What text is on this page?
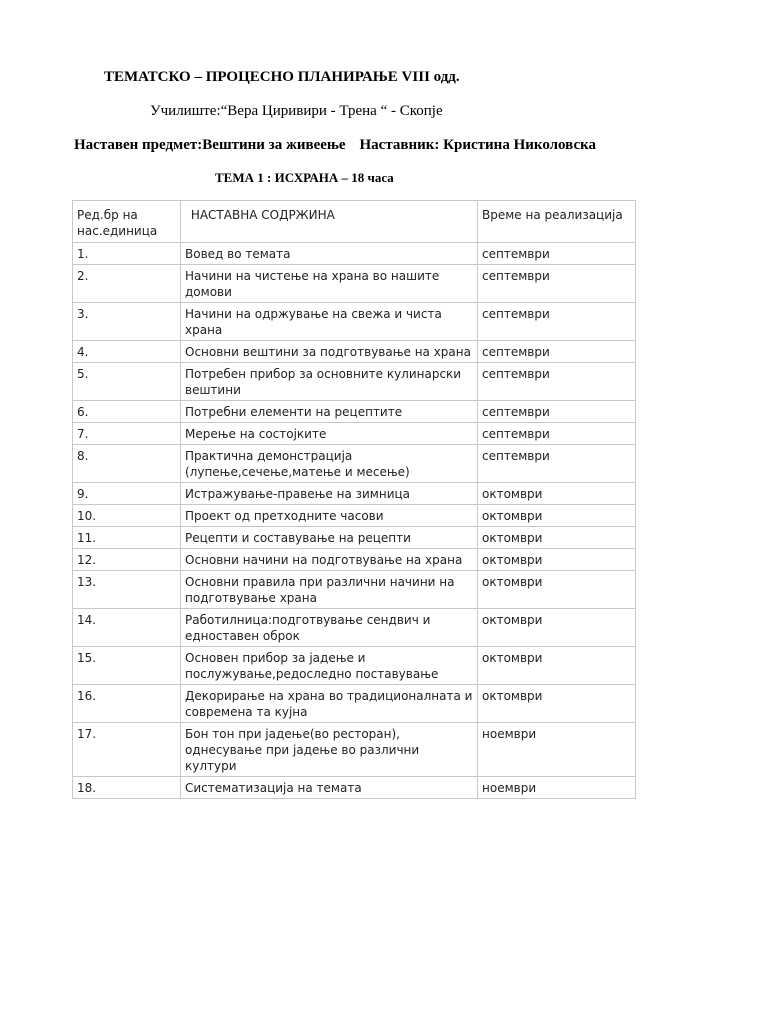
ТЕМАТСКО – ПРОЦЕСНО ПЛАНИРАЊЕ VIII одд.
Училиште:“Вера Циривири - Трена “ - Скопје
Наставен предмет:Вештини за живеење Наставник: Кристина Николовска
ТЕМА 1 : ИСХРАНА – 18 часа
Ред.бр на нас.единица	НАСТАВНА СОДРЖИНА	Време на реализација
1.	Вовед во темата	септември
2.	Начини на чистење на храна во нашите домови	септември
3.	Начини на одржување на свежа и чиста храна	септември
4.	Основни вештини за подготвување на храна	септември
5.	Потребен прибор за основните кулинарски вештини	септември
6.	Потребни елементи на рецептите	септември
7.	Мерење на состојките	септември
8.	Практична демонстрација (лупење,сечење,матење и месење)	септември
9.	Истражување-правење на зимница	октомври
10.	Проект од претходните часови	октомври
11.	Рецепти и составување на рецепти	октомври
12.	Основни начини на подготвување на храна	октомври
13.	Основни правила при различни начини на подготвување храна	октомври
14.	Работилница:подготвување сендвич и едноставен оброк	октомври
15.	Основен прибор за јадење и послужување,редоследно поставување	октомври
16.	Декорирање на храна во традиционалната и современа та кујна	октомври
17.	Бон тон при јадење(во ресторан), однесување при јадење во различни култури	ноември
18.	Систематизација на темата	ноември
